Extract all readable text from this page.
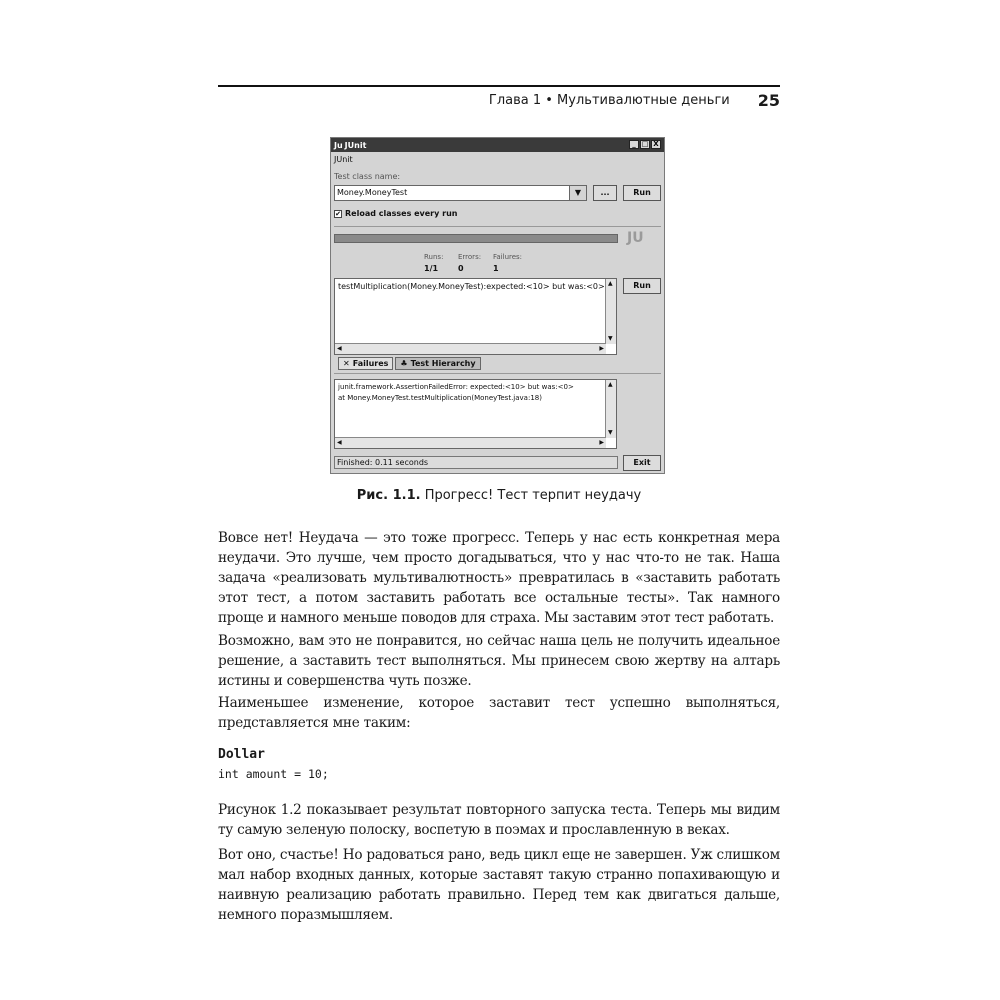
Глава 1 • Мультивалютные деньги 25
Ju JUnit	_ □ X
JUnit
Test class name:
Money.MoneyTest	▼	...	Run
✔ Reload classes every run
JU
Runs:
1/1
Errors:
0
Failures:
1
testMultiplication(Money.MoneyTest):expected:<10> but was:<0> ▲
▼
◀	▶
Run
✕ Failures ♣ Test Hierarchy
junit.framework.AssertionFailedError: expected:<10> but was:<0>
at Money.MoneyTest.testMultiplication(MoneyTest.java:18)
▲
▼
◀	▶
Finished: 0.11 seconds	Exit
Рис. 1.1. Прогресс! Тест терпит неудачу

Вовсе нет! Неудача — это тоже прогресс. Теперь у нас есть конкретная мера неудачи. Это лучше, чем просто догадываться, что у нас что-то не так. Наша задача «реализовать мультивалютность» превратилась в «заставить работать этот тест, а потом заставить работать все остальные тесты». Так намного проще и намного меньше поводов для страха. Мы заставим этот тест работать.

Возможно, вам это не понравится, но сейчас наша цель не получить идеальное решение, а заставить тест выполняться. Мы принесем свою жертву на алтарь истины и совершенства чуть позже.

Наименьшее изменение, которое заставит тест успешно выполняться, представляется мне таким:

Dollar
int amount = 10;

Рисунок 1.2 показывает результат повторного запуска теста. Теперь мы видим ту самую зеленую полоску, воспетую в поэмах и прославленную в веках.

Вот оно, счастье! Но радоваться рано, ведь цикл еще не завершен. Уж слишком мал набор входных данных, которые заставят такую странно попахивающую и наивную реализацию работать правильно. Перед тем как двигаться дальше, немного поразмышляем.
